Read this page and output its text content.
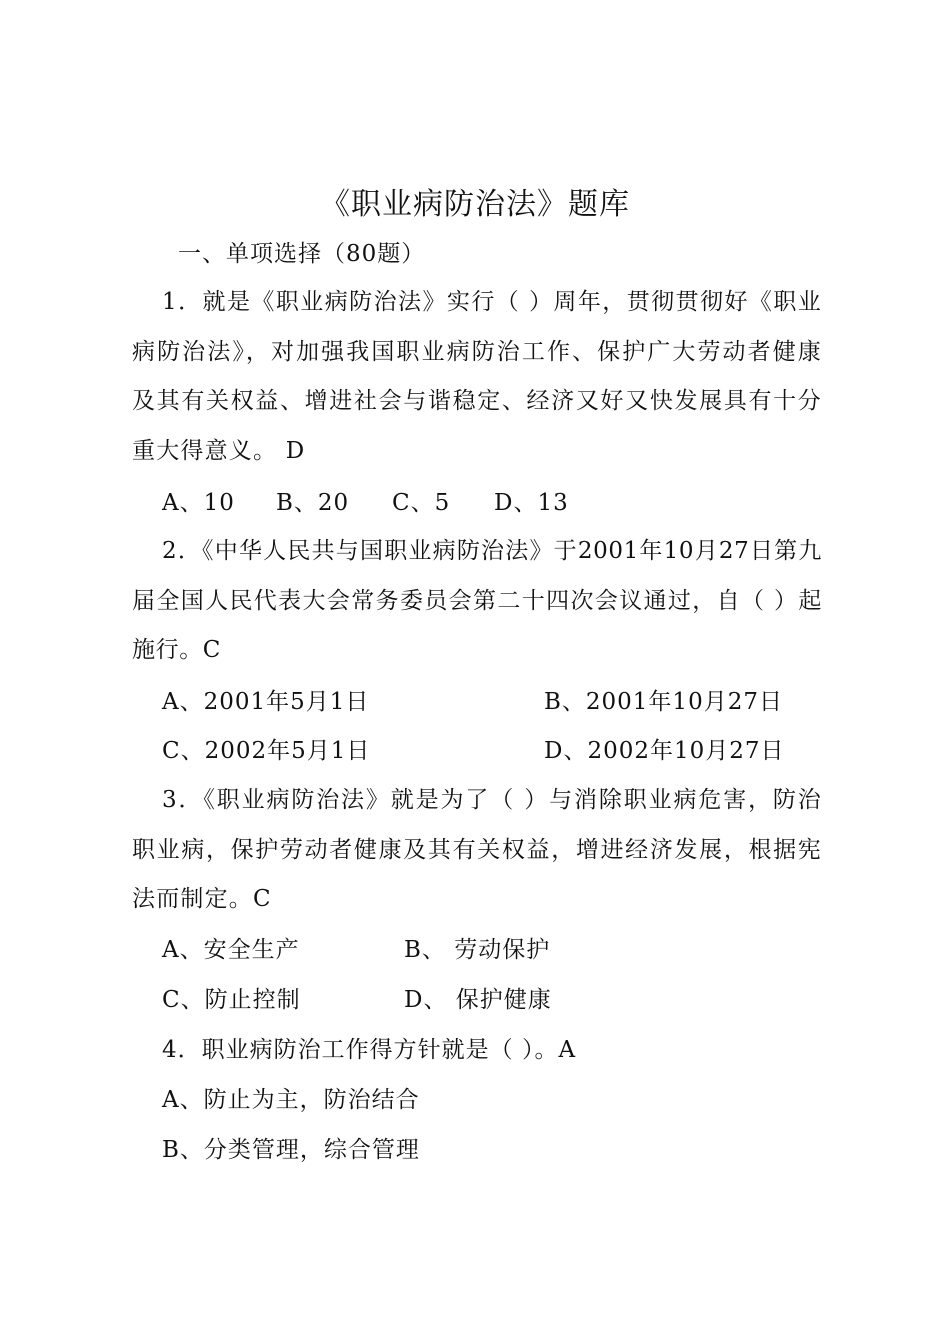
《职业病防治法》题库
一、单项选择（80题）
1．就是《职业病防治法》实行（ ）周年，贯彻贯彻好《职业病防治法》，对加强我国职业病防治工作、保护广大劳动者健康及其有关权益、增进社会与谐稳定、经济又好又快发展具有十分重大得意义。 D
A、10 B、20 C、5 D、13
2．《中华人民共与国职业病防治法》于2001年10月27日第九届全国人民代表大会常务委员会第二十四次会议通过，自（ ）起施行。C
A、2001年5月1日	B、2001年10月27日
C、2002年5月1日	D、2002年10月27日
3．《职业病防治法》就是为了（ ）与消除职业病危害，防治职业病，保护劳动者健康及其有关权益，增进经济发展，根据宪法而制定。C
A、安全生产	B、 劳动保护
C、防止控制	D、 保护健康
4．职业病防治工作得方针就是（ ）。A
A、防止为主，防治结合
B、分类管理，综合管理
